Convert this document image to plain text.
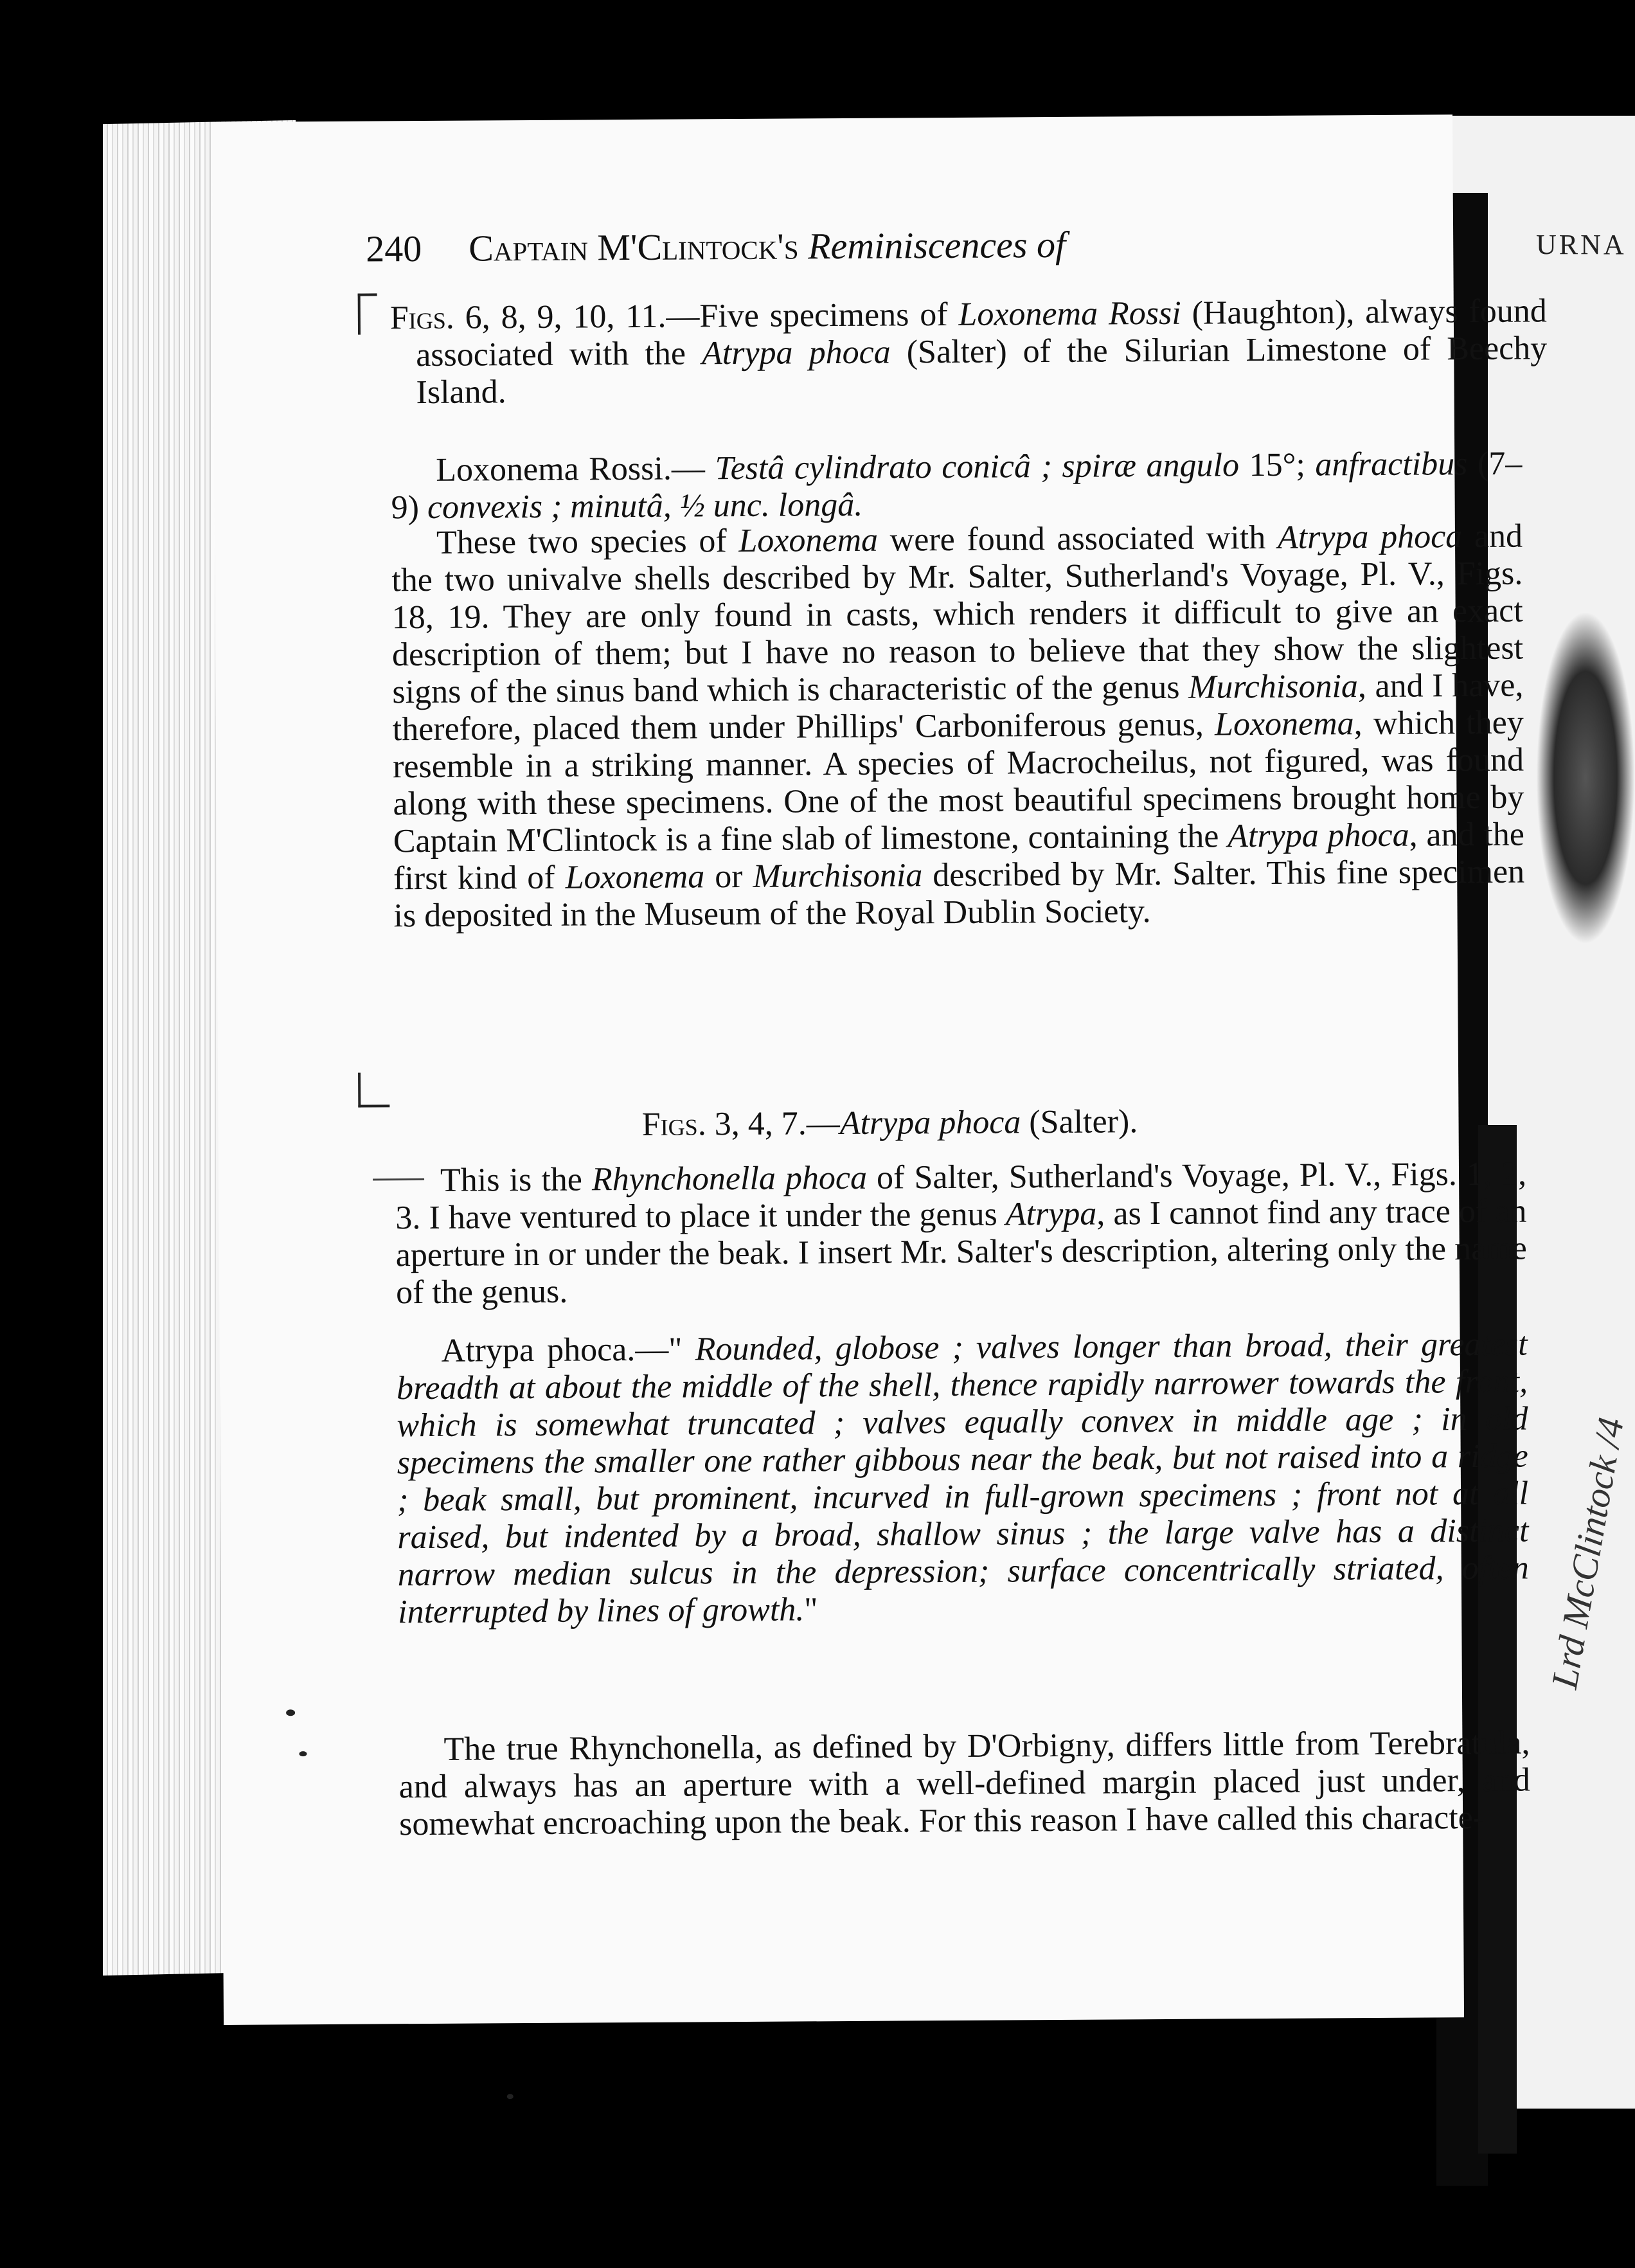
URNA
Lrd McClintock /4
240 Captain M'Clintock's Reminiscences of
Figs. 6, 8, 9, 10, 11.—Five specimens of Loxonema Rossi (Haughton), always found associated with the Atrypa phoca (Salter) of the Silurian Limestone of Beechy Island.
Loxonema Rossi.— Testâ cylindrato conicâ ; spiræ angulo 15°; anfractibus (7–9) convexis ; minutâ, ½ unc. longâ.
These two species of Loxonema were found associated with Atrypa phoca and the two univalve shells described by Mr. Salter, Sutherland's Voyage, Pl. V., Figs. 18, 19. They are only found in casts, which renders it difficult to give an exact description of them; but I have no reason to believe that they show the slightest signs of the sinus band which is characteristic of the genus Murchisonia, and I have, therefore, placed them under Phillips' Carboniferous genus, Loxonema, which they resemble in a striking manner. A species of Macrocheilus, not figured, was found along with these specimens. One of the most beautiful specimens brought home by Captain M'Clintock is a fine slab of limestone, containing the Atrypa phoca, and the first kind of Loxonema or Murchisonia described by Mr. Salter. This fine specimen is deposited in the Museum of the Royal Dublin Society.
Figs. 3, 4, 7.—Atrypa phoca (Salter).
This is the Rhynchonella phoca of Salter, Sutherland's Voyage, Pl. V., Figs. 1, 2, 3. I have ventured to place it under the genus Atrypa, as I cannot find any trace of an aperture in or under the beak. I insert Mr. Salter's description, altering only the name of the genus.
Atrypa phoca.—" Rounded, globose ; valves longer than broad, their greatest breadth at about the middle of the shell, thence rapidly narrower towards the front, which is somewhat truncated ; valves equally convex in middle age ; in old specimens the smaller one rather gibbous near the beak, but not raised into a ridge ; beak small, but prominent, incurved in full-grown specimens ; front not at all raised, but indented by a broad, shallow sinus ; the large valve has a distinct narrow median sulcus in the depression; surface concentrically striated, often interrupted by lines of growth."
The true Rhynchonella, as defined by D'Orbigny, differs little from Terebratula, and always has an aperture with a well-defined margin placed just under, and somewhat encroaching upon the beak. For this reason I have called this characte-
